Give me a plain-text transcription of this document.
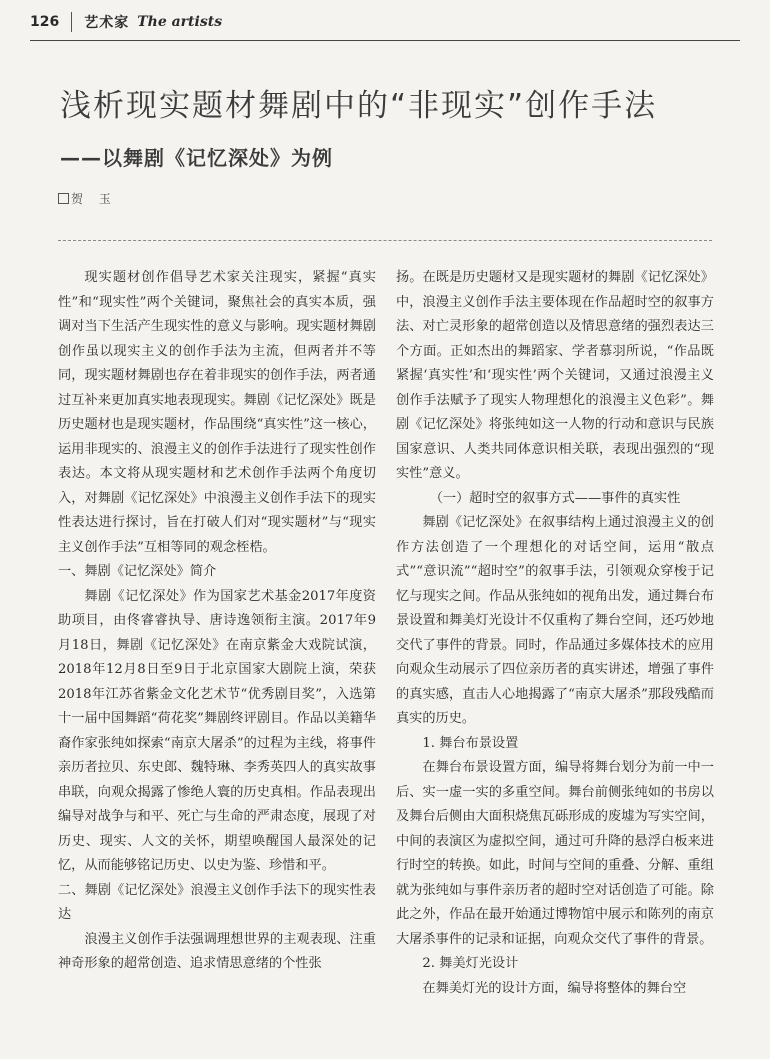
126	艺术家 The artists
浅析现实题材舞剧中的“非现实”创作手法
——以舞剧《记忆深处》为例
贺 玉

现实题材创作倡导艺术家关注现实，紧握“真实性”和“现实性”两个关键词，聚焦社会的真实本质，强调对当下生活产生现实性的意义与影响。现实题材舞剧创作虽以现实主义的创作手法为主流，但两者并不等同，现实题材舞剧也存在着非现实的创作手法，两者通过互补来更加真实地表现现实。舞剧《记忆深处》既是历史题材也是现实题材，作品围绕“真实性”这一核心，运用非现实的、浪漫主义的创作手法进行了现实性创作表达。本文将从现实题材和艺术创作手法两个角度切入，对舞剧《记忆深处》中浪漫主义创作手法下的现实性表达进行探讨，旨在打破人们对“现实题材”与“现实主义创作手法”互相等同的观念桎梏。

一、舞剧《记忆深处》简介

舞剧《记忆深处》作为国家艺术基金2017年度资助项目，由佟睿睿执导、唐诗逸领衔主演。2017年9月18日，舞剧《记忆深处》在南京紫金大戏院试演，2018年12月8日至9日于北京国家大剧院上演，荣获2018年江苏省紫金文化艺术节“优秀剧目奖”，入选第十一届中国舞蹈“荷花奖”舞剧终评剧目。作品以美籍华裔作家张纯如探索“南京大屠杀”的过程为主线，将事件亲历者拉贝、东史郎、魏特琳、李秀英四人的真实故事串联，向观众揭露了惨绝人寰的历史真相。作品表现出编导对战争与和平、死亡与生命的严肃态度，展现了对历史、现实、人文的关怀，期望唤醒国人最深处的记忆，从而能够铭记历史、以史为鉴、珍惜和平。

二、舞剧《记忆深处》浪漫主义创作手法下的现实性表达

浪漫主义创作手法强调理想世界的主观表现、注重神奇形象的超常创造、追求情思意绪的个性张

扬。在既是历史题材又是现实题材的舞剧《记忆深处》中，浪漫主义创作手法主要体现在作品超时空的叙事方法、对亡灵形象的超常创造以及情思意绪的强烈表达三个方面。正如杰出的舞蹈家、学者慕羽所说，“作品既紧握‘真实性’和‘现实性’两个关键词，又通过浪漫主义创作手法赋予了现实人物理想化的浪漫主义色彩”。舞剧《记忆深处》将张纯如这一人物的行动和意识与民族国家意识、人类共同体意识相关联，表现出强烈的“现实性”意义。

（一）超时空的叙事方式——事件的真实性

舞剧《记忆深处》在叙事结构上通过浪漫主义的创作方法创造了一个理想化的对话空间，运用“散点式”“意识流”“超时空”的叙事手法，引领观众穿梭于记忆与现实之间。作品从张纯如的视角出发，通过舞台布景设置和舞美灯光设计不仅重构了舞台空间，还巧妙地交代了事件的背景。同时，作品通过多媒体技术的应用向观众生动展示了四位亲历者的真实讲述，增强了事件的真实感，直击人心地揭露了“南京大屠杀”那段残酷而真实的历史。

1. 舞台布景设置

在舞台布景设置方面，编导将舞台划分为前一中一后、实一虚一实的多重空间。舞台前侧张纯如的书房以及舞台后侧由大面积烧焦瓦砾形成的废墟为写实空间，中间的表演区为虚拟空间，通过可升降的悬浮白板来进行时空的转换。如此，时间与空间的重叠、分解、重组就为张纯如与事件亲历者的超时空对话创造了可能。除此之外，作品在最开始通过博物馆中展示和陈列的南京大屠杀事件的记录和证据，向观众交代了事件的背景。

2. 舞美灯光设计

在舞美灯光的设计方面，编导将整体的舞台空
